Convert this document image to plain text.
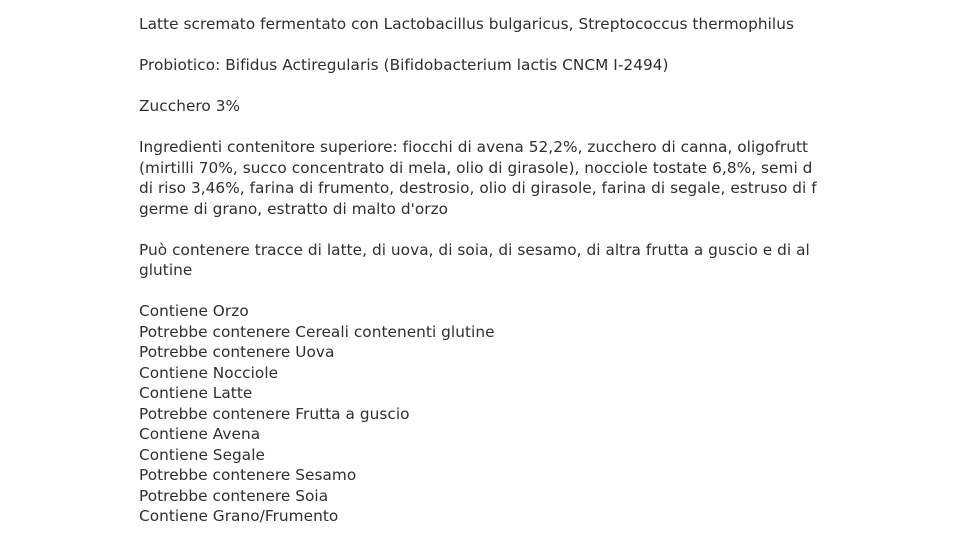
Latte scremato fermentato con Lactobacillus bulgaricus, Streptococcus thermophilus

Probiotico: Bifidus Actiregularis (Bifidobacterium lactis CNCM I-2494)

Zucchero 3%

Ingredienti contenitore superiore: fiocchi di avena 52,2%, zucchero di canna, oligofrutt
(mirtilli 70%, succo concentrato di mela, olio di girasole), nocciole tostate 6,8%, semi d
di riso 3,46%, farina di frumento, destrosio, olio di girasole, farina di segale, estruso di f
germe di grano, estratto di malto d'orzo
Può contenere tracce di latte, di uova, di soia, di sesamo, di altra frutta a guscio e di al
glutine
Contiene Orzo
Potrebbe contenere Cereali contenenti glutine
Potrebbe contenere Uova
Contiene Nocciole
Contiene Latte
Potrebbe contenere Frutta a guscio
Contiene Avena
Contiene Segale
Potrebbe contenere Sesamo
Potrebbe contenere Soia
Contiene Grano/Frumento
